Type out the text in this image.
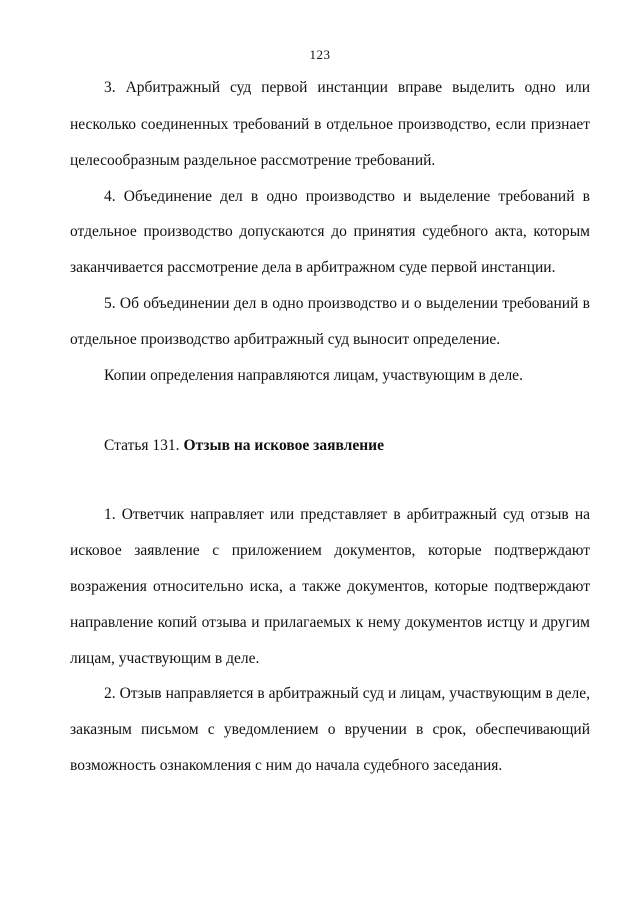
123
3. Арбитражный суд первой инстанции вправе выделить одно или
несколько соединенных требований в отдельное производство, если признает
целесообразным раздельное рассмотрение требований.
4. Объединение дел в одно производство и выделение требований в
отдельное производство допускаются до принятия судебного акта, которым
заканчивается рассмотрение дела в арбитражном суде первой инстанции.
5. Об объединении дел в одно производство и о выделении требований в
отдельное производство арбитражный суд выносит определение.
Копии определения направляются лицам, участвующим в деле.
Статья 131. Отзыв на исковое заявление
1. Ответчик направляет или представляет в арбитражный суд отзыв на
исковое заявление с приложением документов, которые подтверждают
возражения относительно иска, а также документов, которые подтверждают
направление копий отзыва и прилагаемых к нему документов истцу и другим
лицам, участвующим в деле.
2. Отзыв направляется в арбитражный суд и лицам, участвующим в деле,
заказным письмом с уведомлением о вручении в срок, обеспечивающий
возможность ознакомления с ним до начала судебного заседания.
